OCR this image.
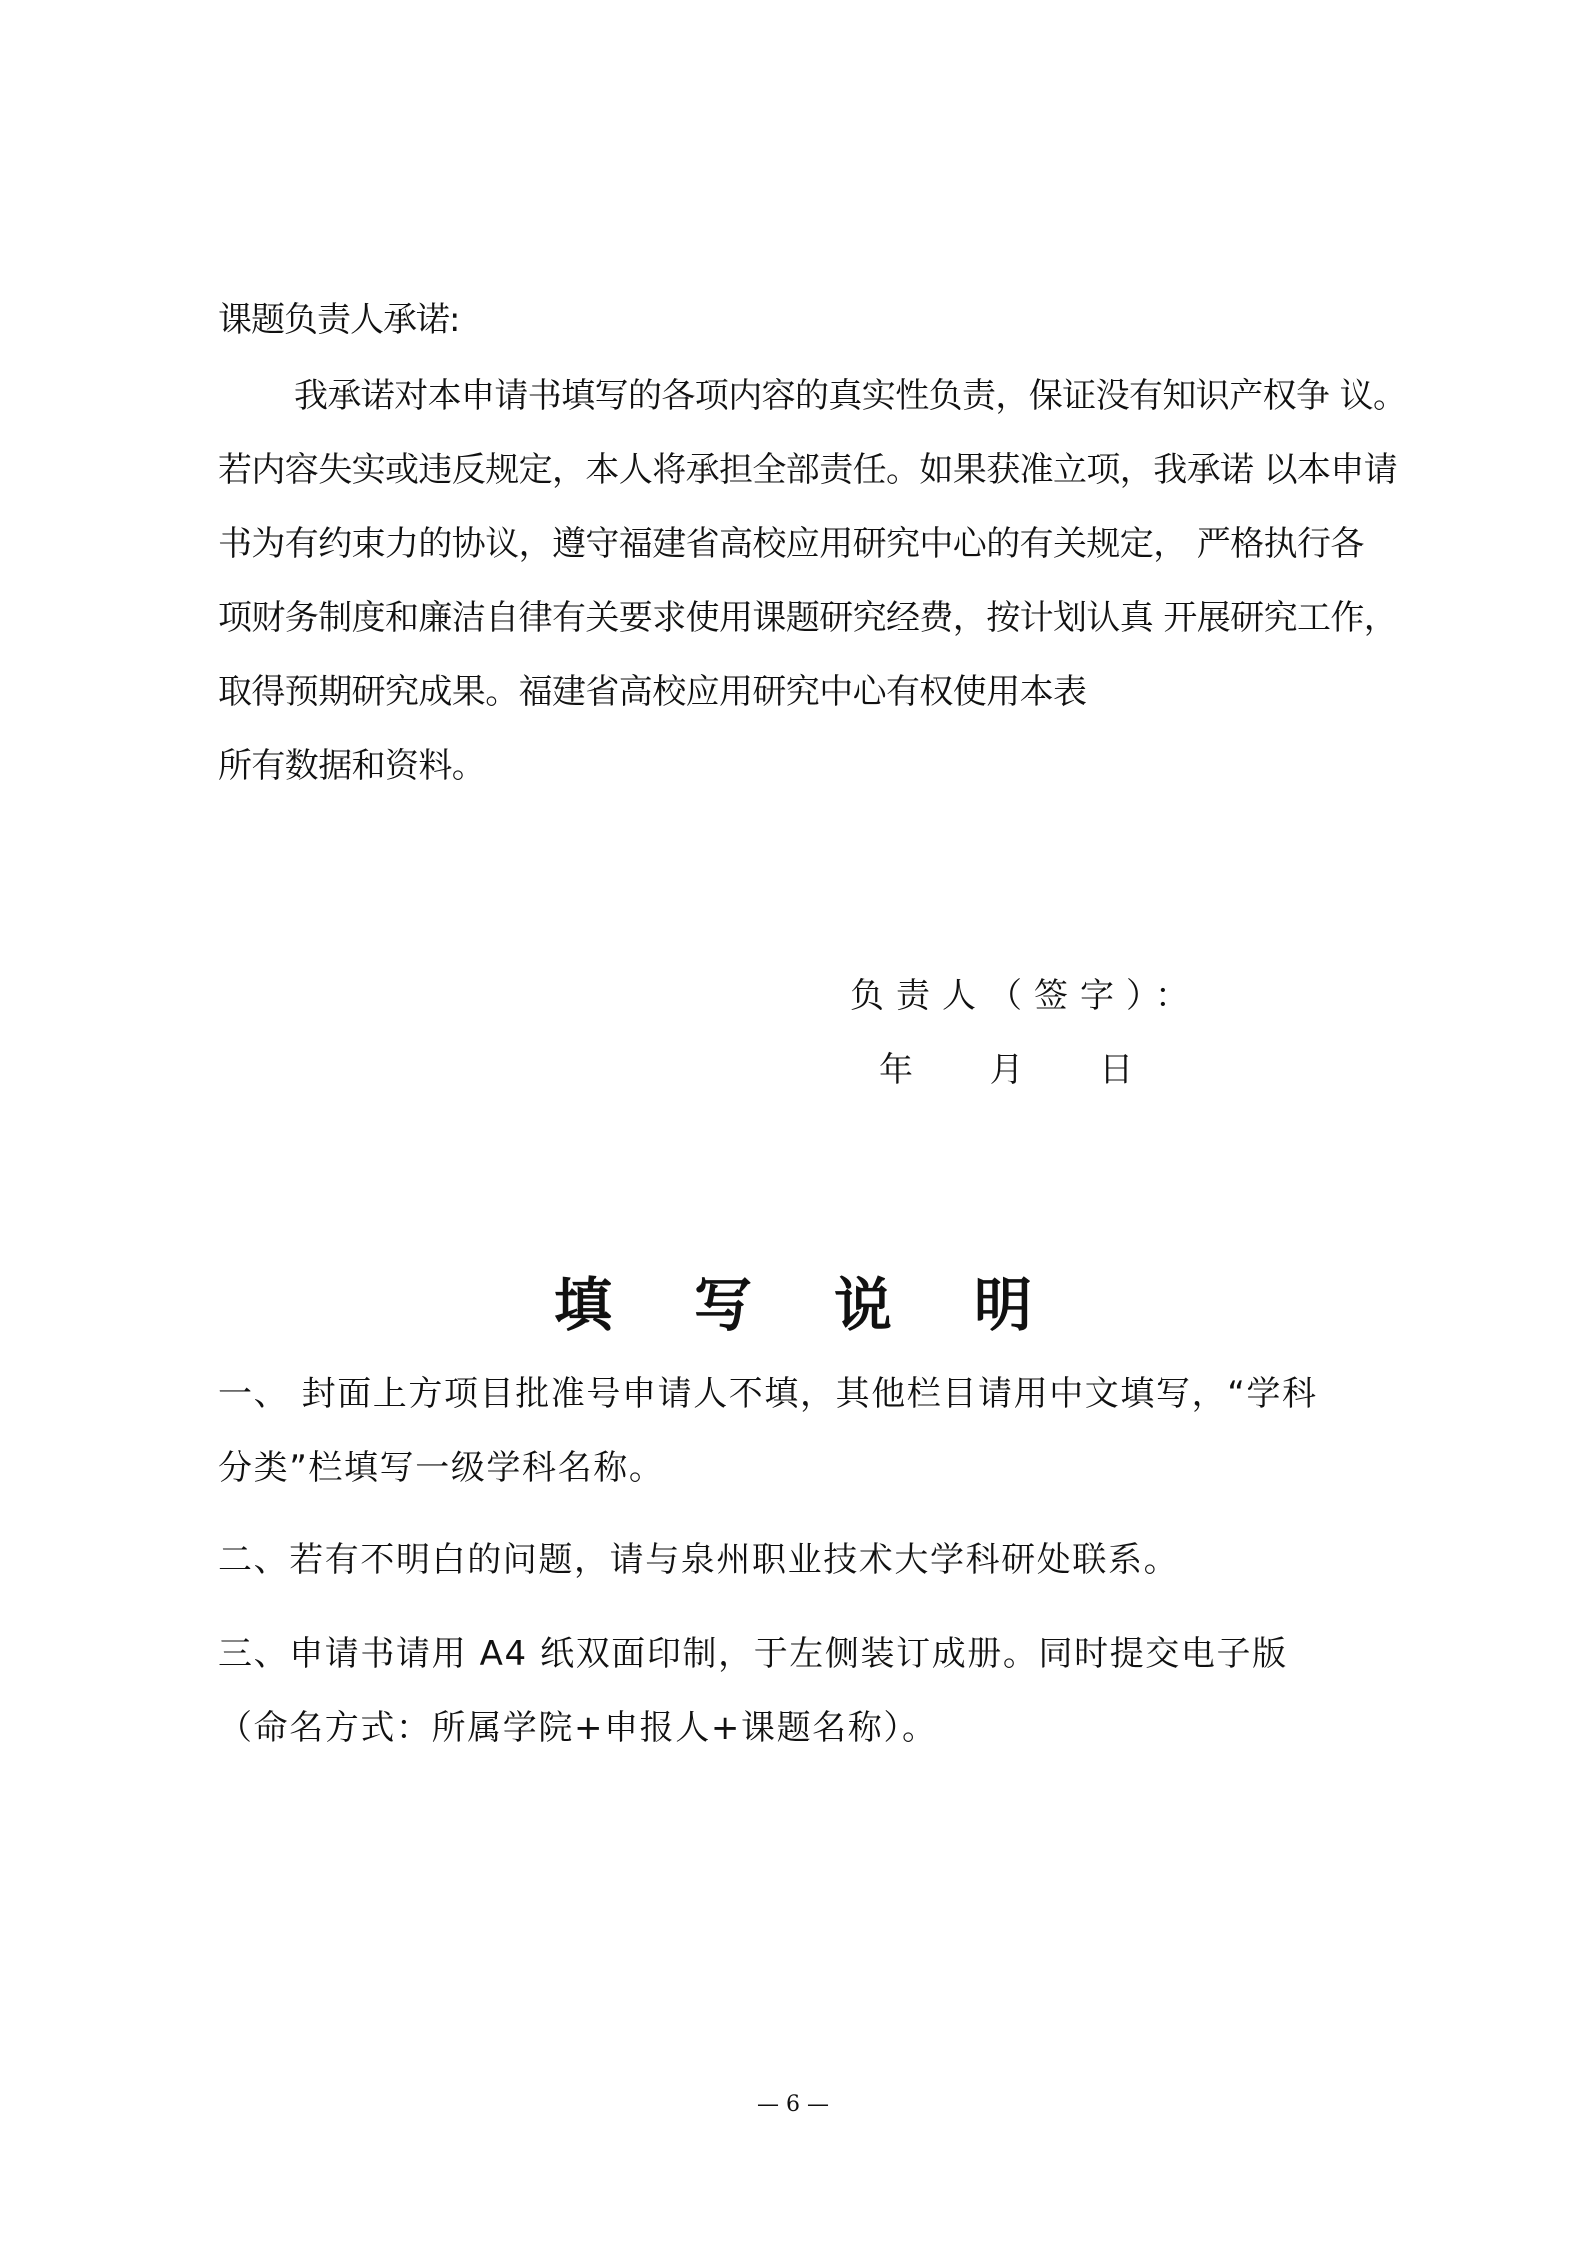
课题负责人承诺:
我承诺对本申请书填写的各项内容的真实性负责，保证没有知识产权争 议。
若内容失实或违反规定，本人将承担全部责任。如果获准立项，我承诺 以本申请
书为有约束力的协议，遵守福建省高校应用研究中心的有关规定， 严格执行各
项财务制度和廉洁自律有关要求使用课题研究经费，按计划认真 开展研究工作，
取得预期研究成果。福建省高校应用研究中心有权使用本表
所有数据和资料。
负责人（签字）：
年 月 日
填写说明
一、 封面上方项目批准号申请人不填，其他栏目请用中文填写，“学科
分类”栏填写一级学科名称。
二、若有不明白的问题，请与泉州职业技术大学科研处联系。
三、申请书请用 A4 纸双面印制，于左侧装订成册。同时提交电子版
（命名方式：所属学院+申报人+课题名称）。
— 6 —
